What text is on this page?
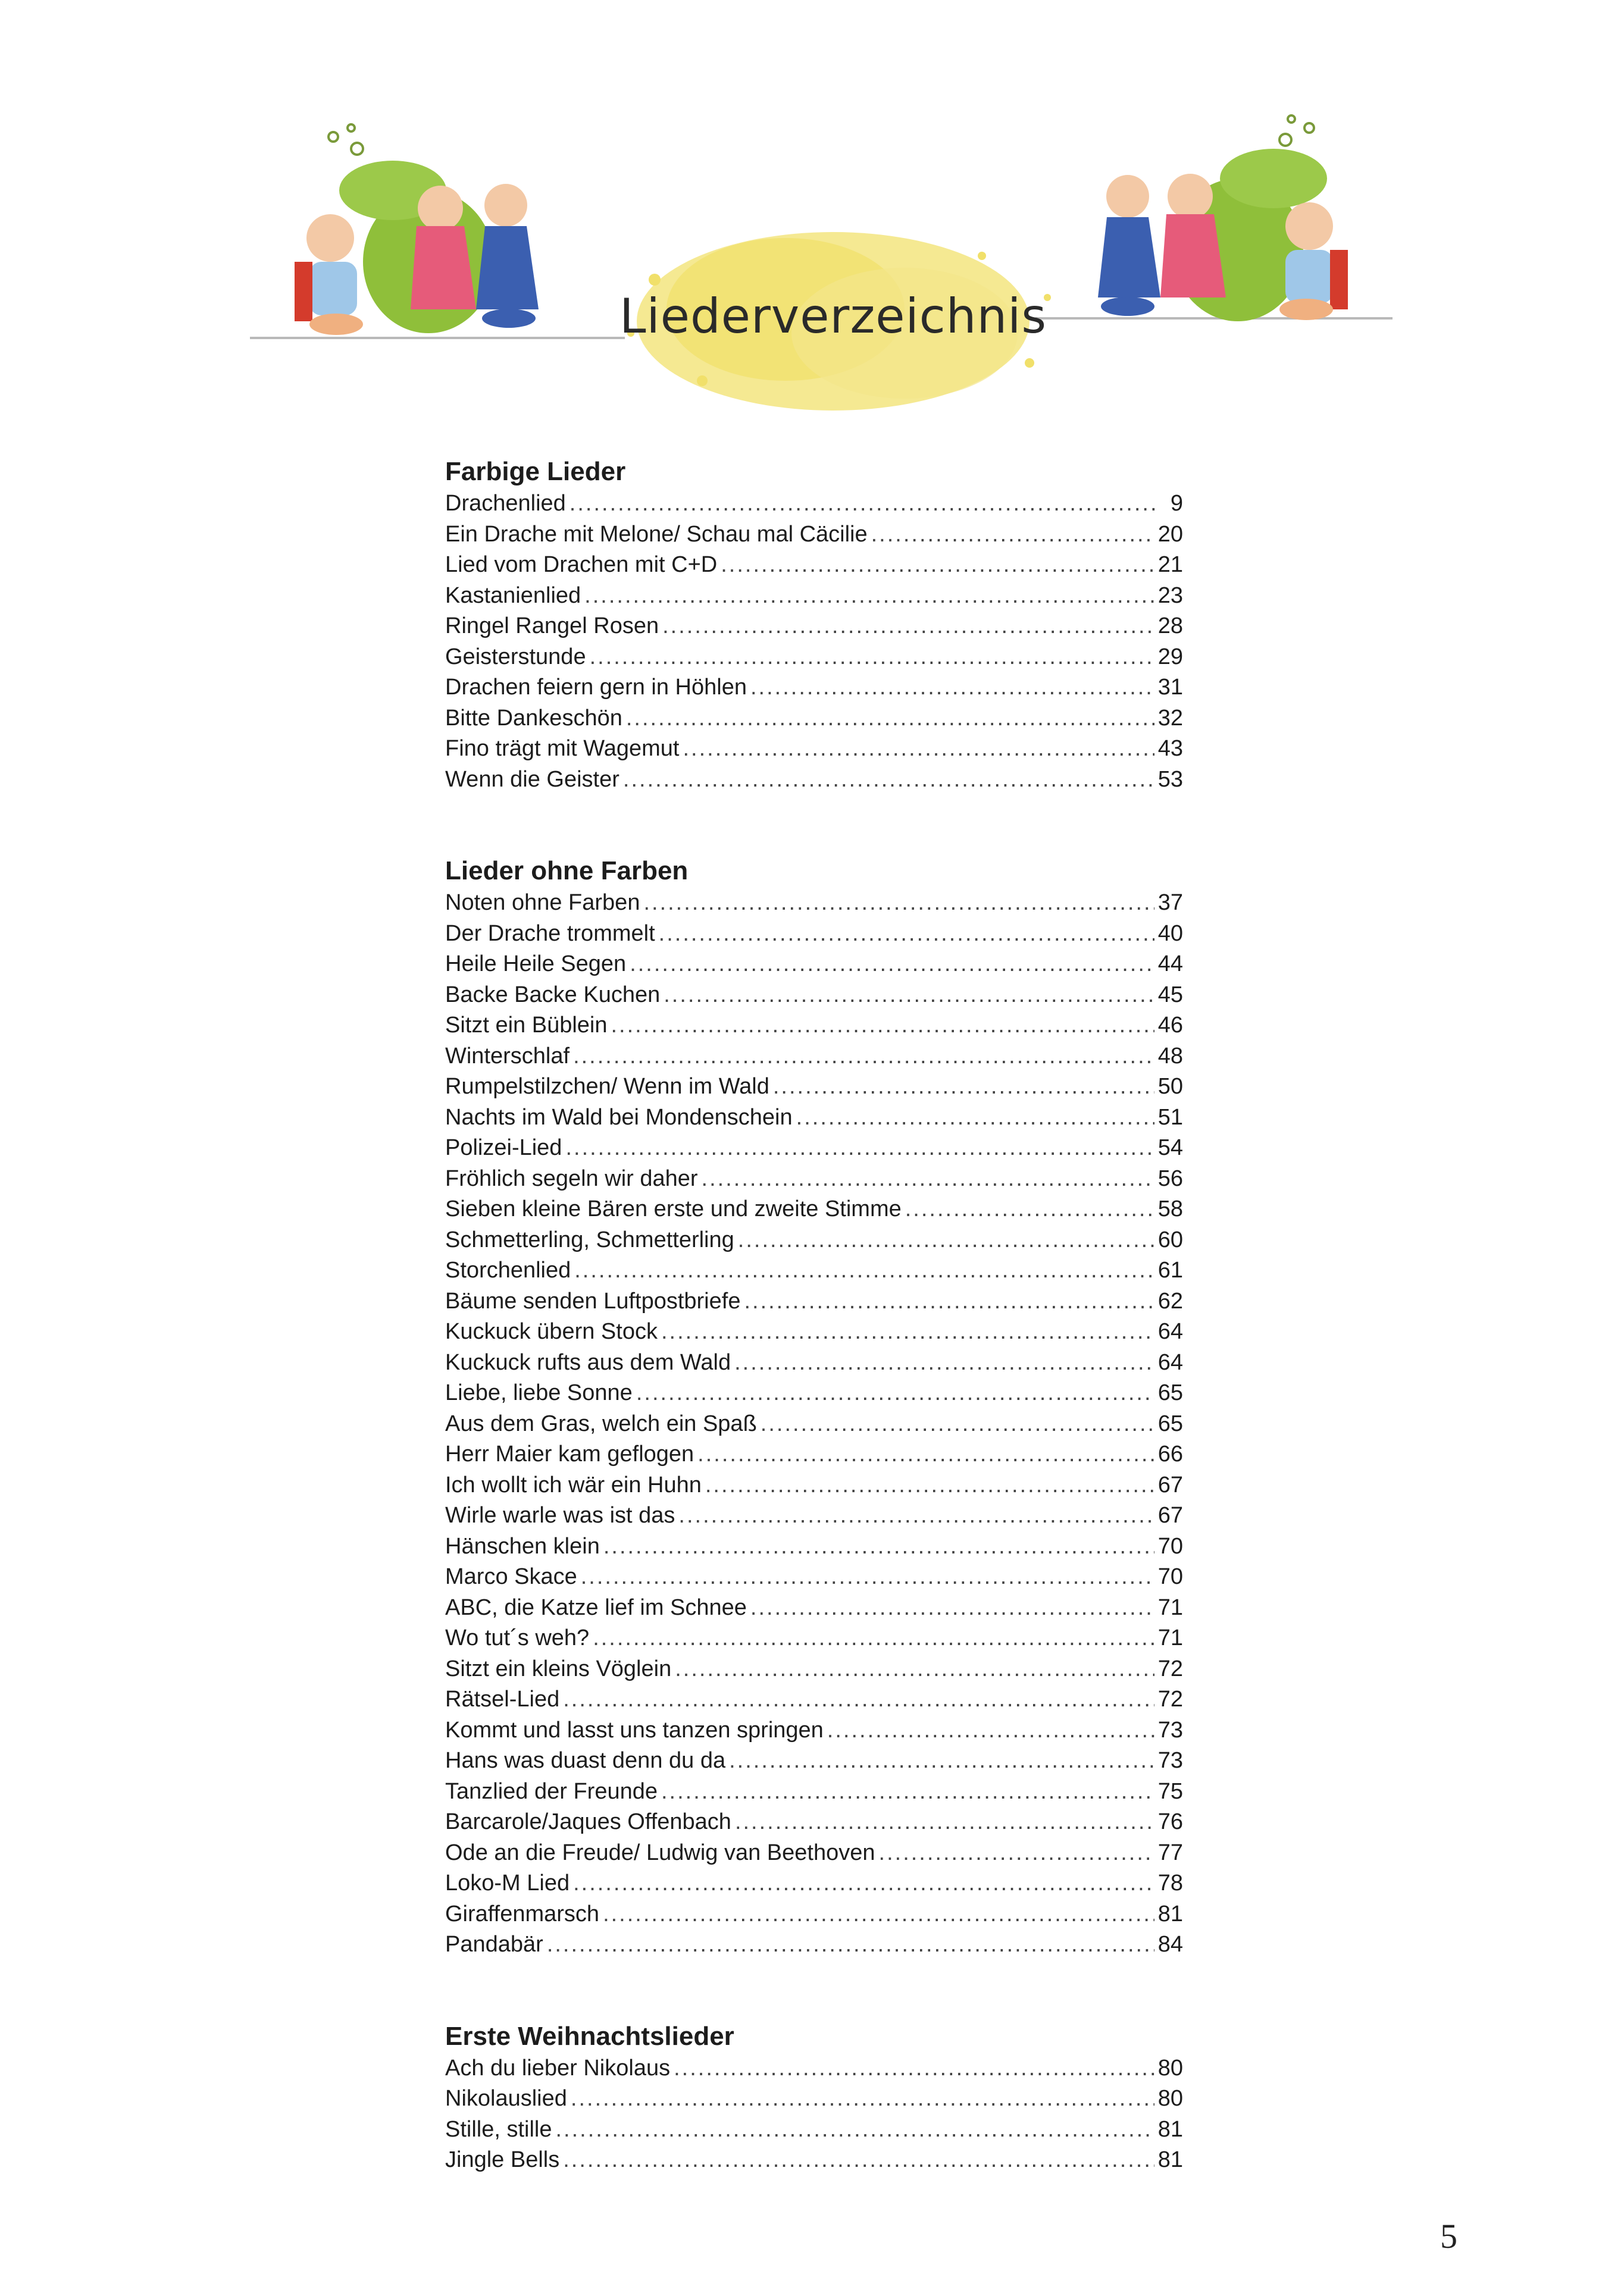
Liederverzeichnis
Farbige Lieder
Drachenlied .....	9
Ein Drache mit Melone/ Schau mal Cäcilie .....	20
Lied vom Drachen mit C+D .....	21
Kastanienlied .....	23
Ringel Rangel Rosen .....	28
Geisterstunde .....	29
Drachen feiern gern in Höhlen .....	31
Bitte Dankeschön .....	32
Fino trägt mit Wagemut .....	43
Wenn die Geister .....	53
Lieder ohne Farben
Noten ohne Farben .....	37
Der Drache trommelt .....	40
Heile Heile Segen .....	44
Backe Backe Kuchen .....	45
Sitzt ein Büblein .....	46
Winterschlaf .....	48
Rumpelstilzchen/ Wenn im Wald .....	50
Nachts im Wald bei Mondenschein .....	51
Polizei-Lied .....	54
Fröhlich segeln wir daher .....	56
Sieben kleine Bären erste und zweite Stimme .....	58
Schmetterling, Schmetterling .....	60
Storchenlied .....	61
Bäume senden Luftpostbriefe .....	62
Kuckuck übern Stock .....	64
Kuckuck rufts aus dem Wald .....	64
Liebe, liebe Sonne .....	65
Aus dem Gras, welch ein Spaß .....	65
Herr Maier kam geflogen .....	66
Ich wollt ich wär ein Huhn .....	67
Wirle warle was ist das .....	67
Hänschen klein .....	70
Marco Skace .....	70
ABC, die Katze lief im Schnee .....	71
Wo tut´s weh? .....	71
Sitzt ein kleins Vöglein .....	72
Rätsel-Lied .....	72
Kommt und lasst uns tanzen springen .....	73
Hans was duast denn du da .....	73
Tanzlied der Freunde .....	75
Barcarole/Jaques Offenbach .....	76
Ode an die Freude/ Ludwig van Beethoven .....	77
Loko-M Lied .....	78
Giraffenmarsch .....	81
Pandabär .....	84
Erste Weihnachtslieder
Ach du lieber Nikolaus .....	80
Nikolauslied .....	80
Stille, stille .....	81
Jingle Bells .....	81
5
